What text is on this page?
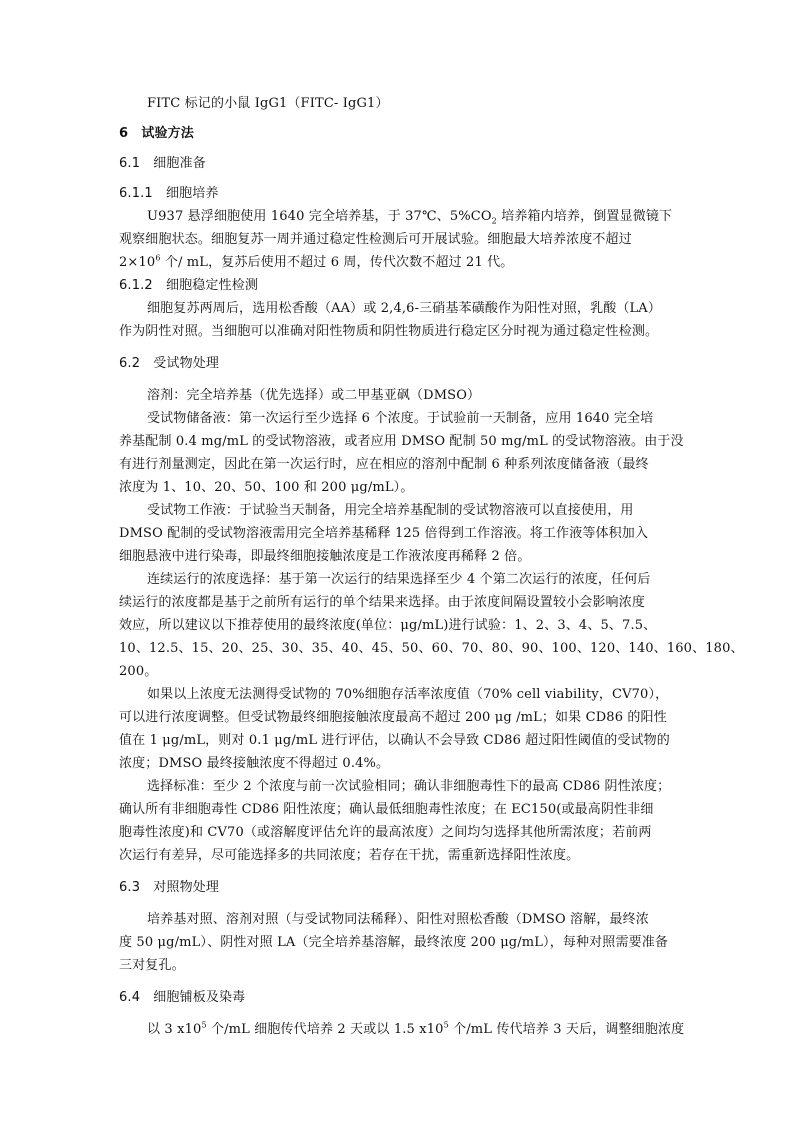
FITC 标记的小鼠 IgG1（FITC- IgG1）
6　试验方法
6.1　细胞准备
6.1.1　细胞培养
U937 悬浮细胞使用 1640 完全培养基，于 37℃、$5\%CO_2$ 培养箱内培养，倒置显微镜下
观察细胞状态。细胞复苏一周并通过稳定性检测后可开展试验。细胞最大培养浓度不超过
$2\times 10^6$ 个/ mL，复苏后使用不超过 6 周，传代次数不超过 21 代。
6.1.2　细胞稳定性检测
细胞复苏两周后，选用松香酸（AA）或 2,4,6-三硝基苯磺酸作为阳性对照，乳酸（LA）
作为阴性对照。当细胞可以准确对阳性物质和阴性物质进行稳定区分时视为通过稳定性检测。
6.2　受试物处理
溶剂：完全培养基（优先选择）或二甲基亚砜（DMSO）
受试物储备液：第一次运行至少选择 6 个浓度。于试验前一天制备，应用 1640 完全培
养基配制 0.4 mg/mL 的受试物溶液，或者应用 DMSO 配制 50 mg/mL 的受试物溶液。由于没
有进行剂量测定，因此在第一次运行时，应在相应的溶剂中配制 6 种系列浓度储备液（最终
浓度为 1、10、20、50、100 和 200 μg/mL）。
受试物工作液：于试验当天制备，用完全培养基配制的受试物溶液可以直接使用，用
DMSO 配制的受试物溶液需用完全培养基稀释 125 倍得到工作溶液。将工作液等体积加入
细胞悬液中进行染毒，即最终细胞接触浓度是工作液浓度再稀释 2 倍。
连续运行的浓度选择：基于第一次运行的结果选择至少 4 个第二次运行的浓度，任何后
续运行的浓度都是基于之前所有运行的单个结果来选择。由于浓度间隔设置较小会影响浓度
效应，所以建议以下推荐使用的最终浓度(单位：μg/mL)进行试验：1、2、3、4、5、7.5、
10、12.5、15、20、25、30、35、40、45、50、60、70、80、90、100、120、140、160、180、
200。
如果以上浓度无法测得受试物的 70%细胞存活率浓度值（70% cell viability，CV70），
可以进行浓度调整。但受试物最终细胞接触浓度最高不超过 200 μg /mL；如果 CD86 的阳性
值在 1 μg/mL，则对 0.1 μg/mL 进行评估，以确认不会导致 CD86 超过阳性阈值的受试物的
浓度；DMSO 最终接触浓度不得超过 0.4%。
选择标准：至少 2 个浓度与前一次试验相同；确认非细胞毒性下的最高 CD86 阴性浓度；
确认所有非细胞毒性 CD86 阳性浓度；确认最低细胞毒性浓度；在 EC150(或最高阴性非细
胞毒性浓度)和 CV70（或溶解度评估允许的最高浓度）之间均匀选择其他所需浓度；若前两
次运行有差异，尽可能选择多的共同浓度；若存在干扰，需重新选择阳性浓度。
6.3　对照物处理
培养基对照、溶剂对照（与受试物同法稀释）、阳性对照松香酸（DMSO 溶解，最终浓
度 50 μg/mL）、阴性对照 LA（完全培养基溶解，最终浓度 200 μg/mL），每种对照需要准备
三对复孔。
6.4　细胞铺板及染毒
以 3 $x10^5$ 个/mL 细胞传代培养 2 天或以 1.5 $x10^5$ 个/mL 传代培养 3 天后，调整细胞浓度
